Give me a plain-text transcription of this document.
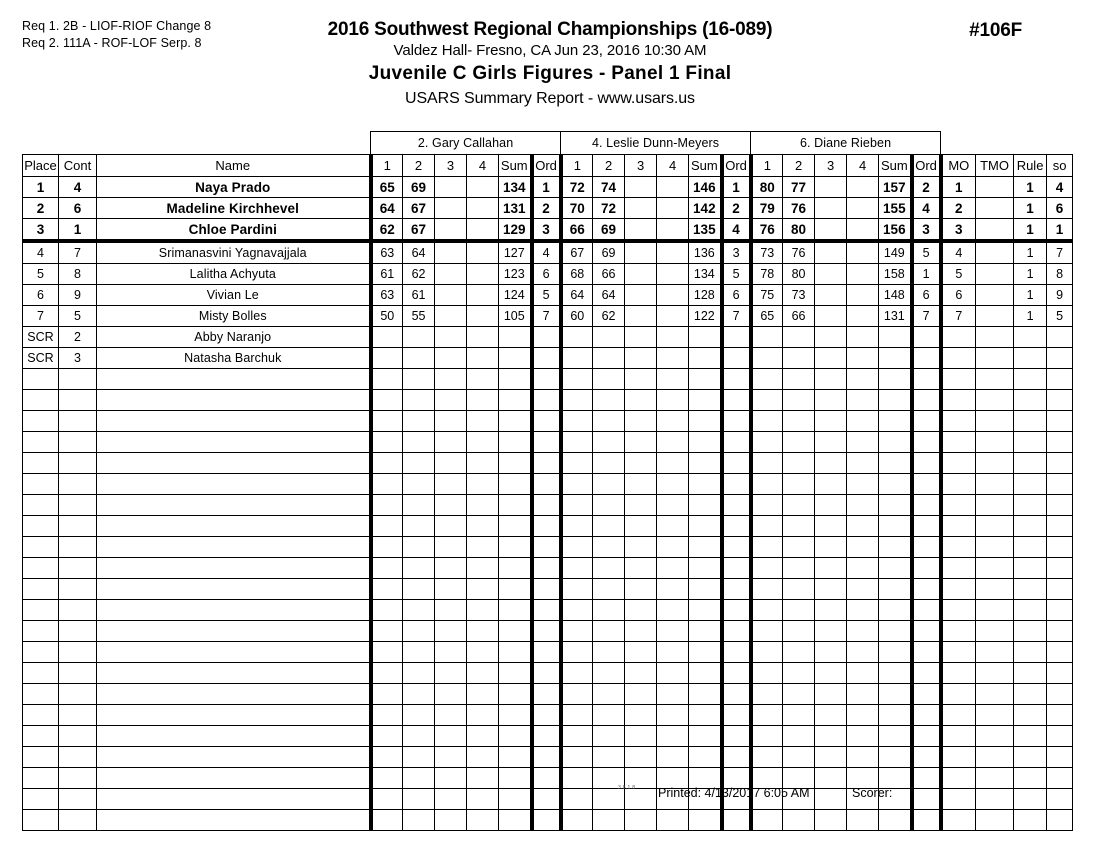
Req 1. 2B - LIOF-RIOF Change 8
Req 2. 111A - ROF-LOF Serp. 8
2016 Southwest Regional Championships (16-089)
Valdez Hall- Fresno, CA Jun 23, 2016 10:30 AM
Juvenile C Girls Figures - Panel 1 Final
USARS Summary Report - www.usars.us
#106F
			2. Gary Callahan						4. Leslie Dunn-Meyers						6. Diane Rieben									
Place	Cont	Name	1	2	3	4	Sum	Ord	1	2	3	4	Sum	Ord	1	2	3	4	Sum	Ord	MO	TMO	Rule	so
1	4	Naya Prado	65	69			134	1	72	74			146	1	80	77			157	2	1		1	4
2	6	Madeline Kirchhevel	64	67			131	2	70	72			142	2	79	76			155	4	2		1	6
3	1	Chloe Pardini	62	67			129	3	66	69			135	4	76	80			156	3	3		1	1
4	7	Srimanasvini Yagnavajjala	63	64			127	4	67	69			136	3	73	76			149	5	4		1	7
5	8	Lalitha Achyuta	61	62			123	6	68	66			134	5	78	80			158	1	5		1	8
6	9	Vivian Le	63	61			124	5	64	64			128	6	75	73			148	6	6		1	9
7	5	Misty Bolles	50	55			105	7	60	62			122	7	65	66			131	7	7		1	5
SCR	2	Abby Naranjo																						
SCR	3	Natasha Barchuk																						

3.8.1.8 Printed: 4/13/2017 6:05 AM	Scorer:
